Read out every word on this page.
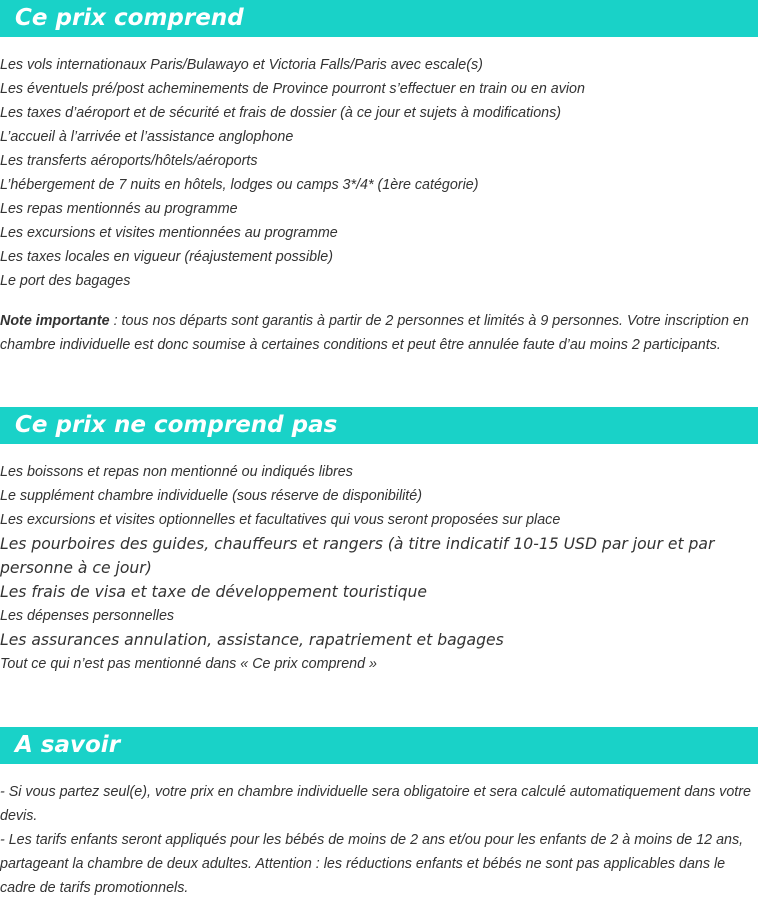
Ce prix comprend
Les vols internationaux Paris/Bulawayo et Victoria Falls/Paris avec escale(s)
Les éventuels pré/post acheminements de Province pourront s’effectuer en train ou en avion
Les taxes d’aéroport et de sécurité et frais de dossier (à ce jour et sujets à modifications)
L’accueil à l’arrivée et l’assistance anglophone
Les transferts aéroports/hôtels/aéroports
L’hébergement de 7 nuits en hôtels, lodges ou camps 3*/4* (1ère catégorie)
Les repas mentionnés au programme
Les excursions et visites mentionnées au programme
Les taxes locales en vigueur (réajustement possible)
Le port des bagages

Note importante : tous nos départs sont garantis à partir de 2 personnes et limités à 9 personnes. Votre inscription en chambre individuelle est donc soumise à certaines conditions et peut être annulée faute d’au moins 2 participants.

Ce prix ne comprend pas
Les boissons et repas non mentionné ou indiqués libres
Le supplément chambre individuelle (sous réserve de disponibilité)
Les excursions et visites optionnelles et facultatives qui vous seront proposées sur place
Les pourboires des guides, chauffeurs et rangers (à titre indicatif 10-15 USD par jour et par personne à ce jour)
Les frais de visa et taxe de développement touristique
Les dépenses personnelles
Les assurances annulation, assistance, rapatriement et bagages
Tout ce qui n’est pas mentionné dans « Ce prix comprend »
A savoir

- Si vous partez seul(e), votre prix en chambre individuelle sera obligatoire et sera calculé automatiquement dans votre devis.

- Les tarifs enfants seront appliqués pour les bébés de moins de 2 ans et/ou pour les enfants de 2 à moins de 12 ans, partageant la chambre de deux adultes. Attention : les réductions enfants et bébés ne sont pas applicables dans le cadre de tarifs promotionnels.
